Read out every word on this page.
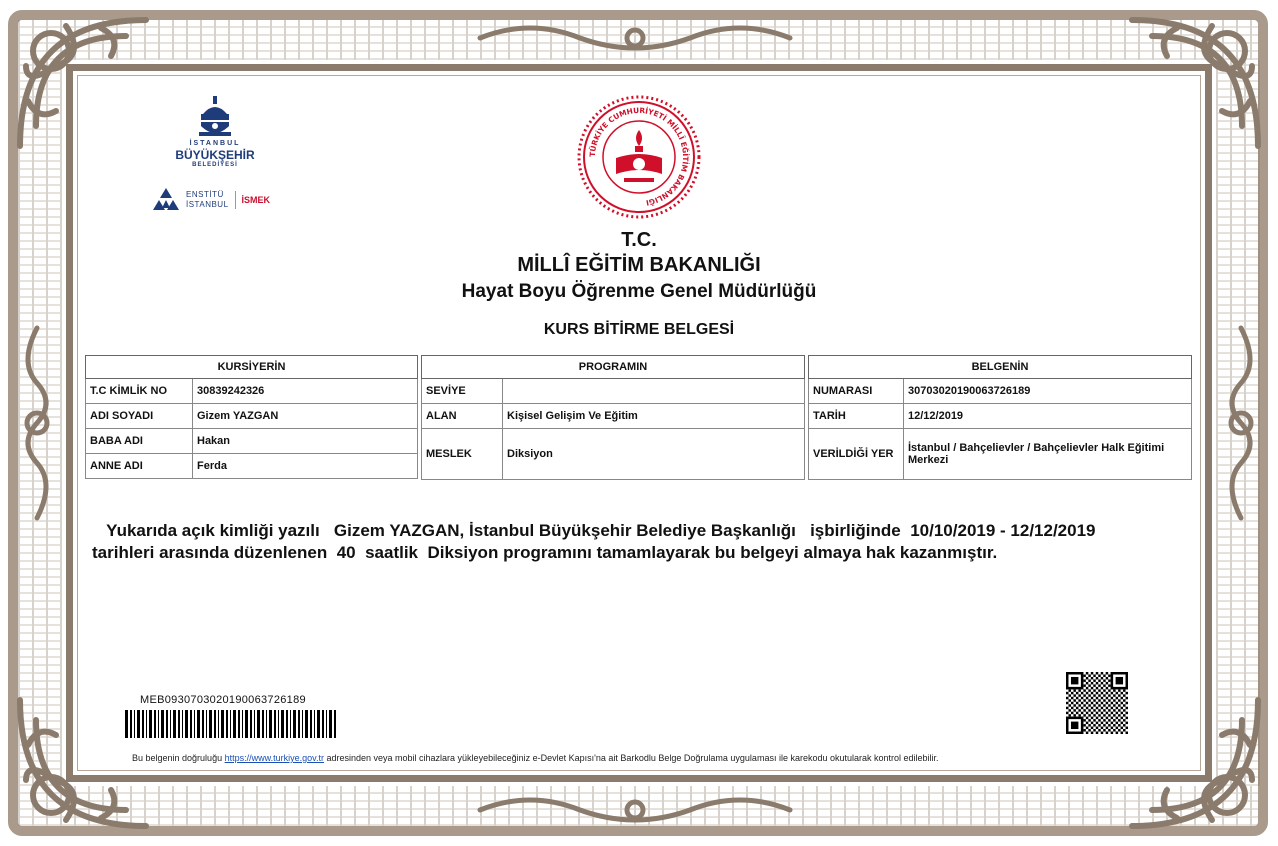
İSTANBUL
BÜYÜKŞEHİR
BELEDİYESİ
ENSTİTÜ
İSTANBUL İSMEK
TÜRKİYE CUMHURİYETİ MİLLÎ EĞİTİM BAKANLIĞI
T.C.
MİLLÎ EĞİTİM BAKANLIĞI
Hayat Boyu Öğrenme Genel Müdürlüğü
KURS BİTİRME BELGESİ
KURSİYERİN	
T.C KİMLİK NO	30839242326
ADI SOYADI	Gizem YAZGAN
BABA ADI	Hakan
ANNE ADI	Ferda
PROGRAMIN	
SEVİYE	
ALAN	Kişisel Gelişim Ve Eğitim
MESLEK	Diksiyon
BELGENİN	
NUMARASI	30703020190063726189
TARİH	12/12/2019
VERİLDİĞİ YER	İstanbul / Bahçelievler / Bahçelievler Halk Eğitimi Merkezi
Yukarıda açık kimliği yazılı Gizem YAZGAN, İstanbul Büyükşehir Belediye Başkanlığı işbirliğinde 10/10/2019 - 12/12/2019  tarihleri arasında düzenlenen 40 saatlik Diksiyon programını tamamlayarak bu belgeyi almaya hak kazanmıştır.
MEB09307030201900637261​89
Bu belgenin doğruluğu https://www.turkiye.gov.tr adresinden veya mobil cihazlara yükleyebileceğiniz e-Devlet Kapısı'na ait Barkodlu Belge Doğrulama uygulaması ile karekodu okutularak kontrol edilebilir.
